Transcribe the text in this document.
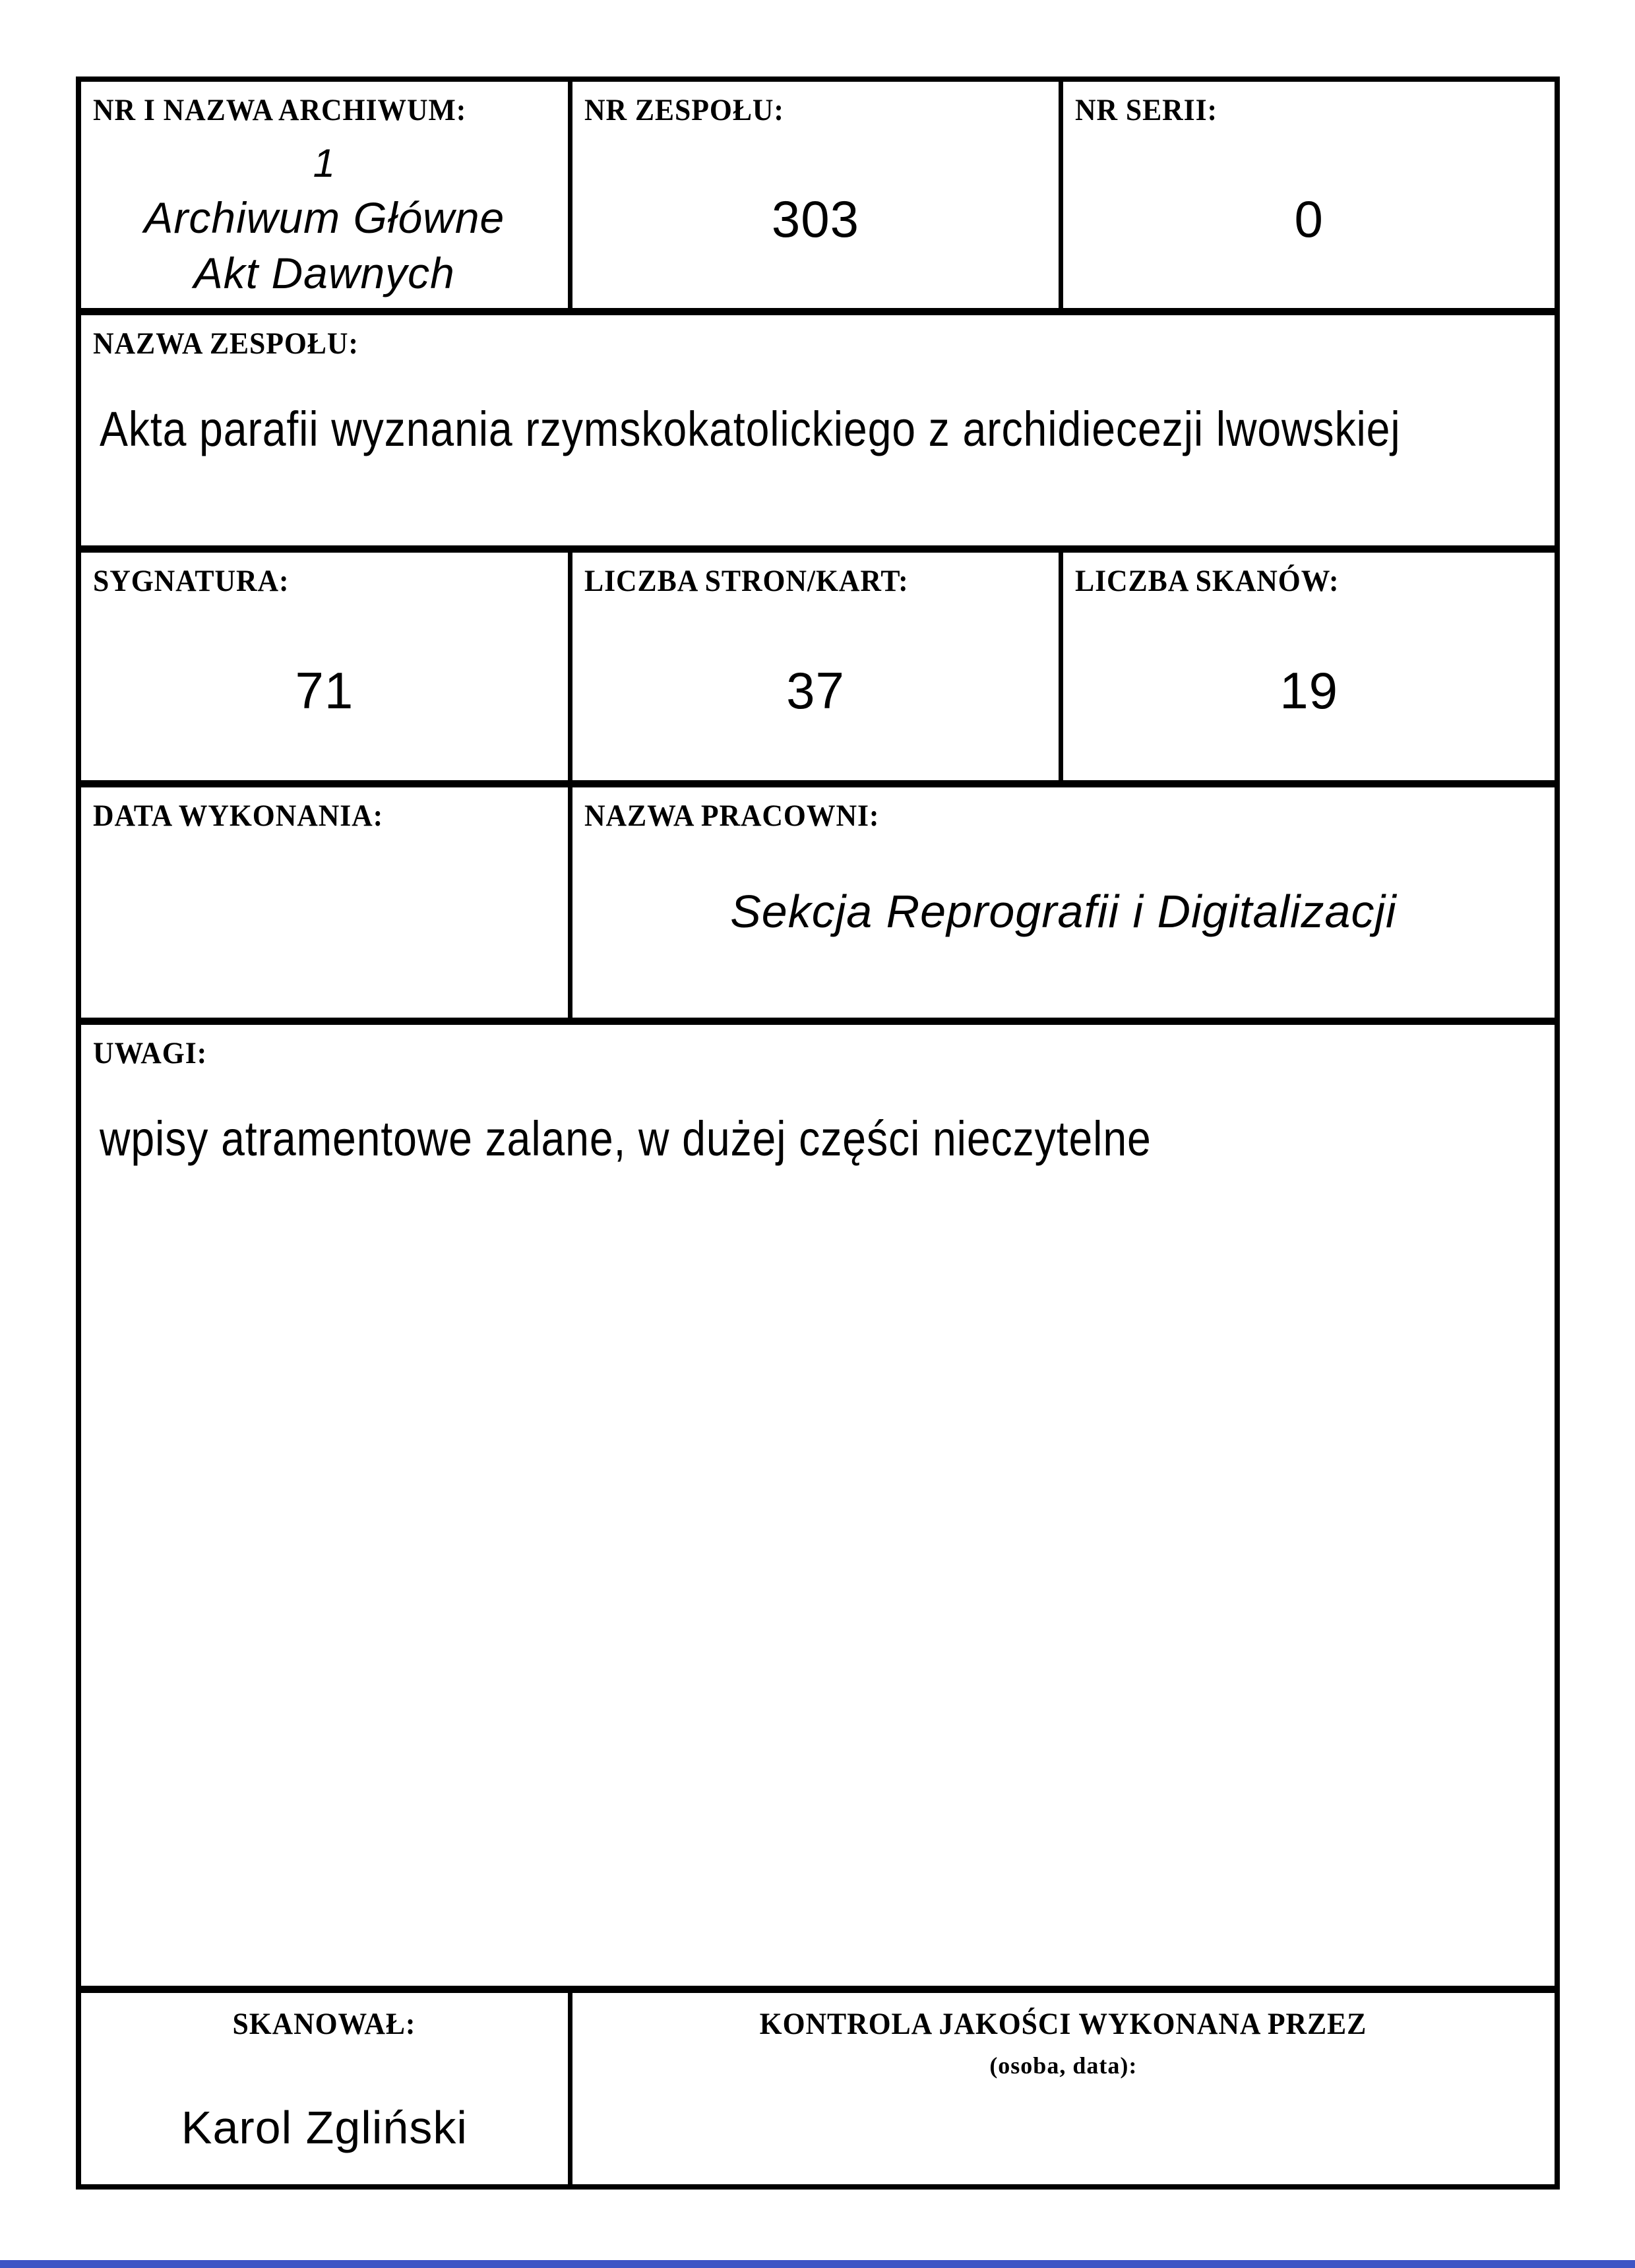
NR I NAZWA ARCHIWUM:
1
Archiwum Główne
Akt Dawnych
NR ZESPOŁU:
303
NR SERII:
0
NAZWA ZESPOŁU:
Akta parafii wyznania rzymskokatolickiego z archidiecezji lwowskiej
SYGNATURA:
71
LICZBA STRON/KART:
37
LICZBA SKANÓW:
19
DATA WYKONANIA:	NAZWA PRACOWNI:
Sekcja Reprografii i Digitalizacji
UWAGI:
wpisy atramentowe zalane, w dużej części nieczytelne
SKANOWAŁ:
Karol Zgliński
KONTROLA JAKOŚCI WYKONANA PRZEZ
(osoba, data):
